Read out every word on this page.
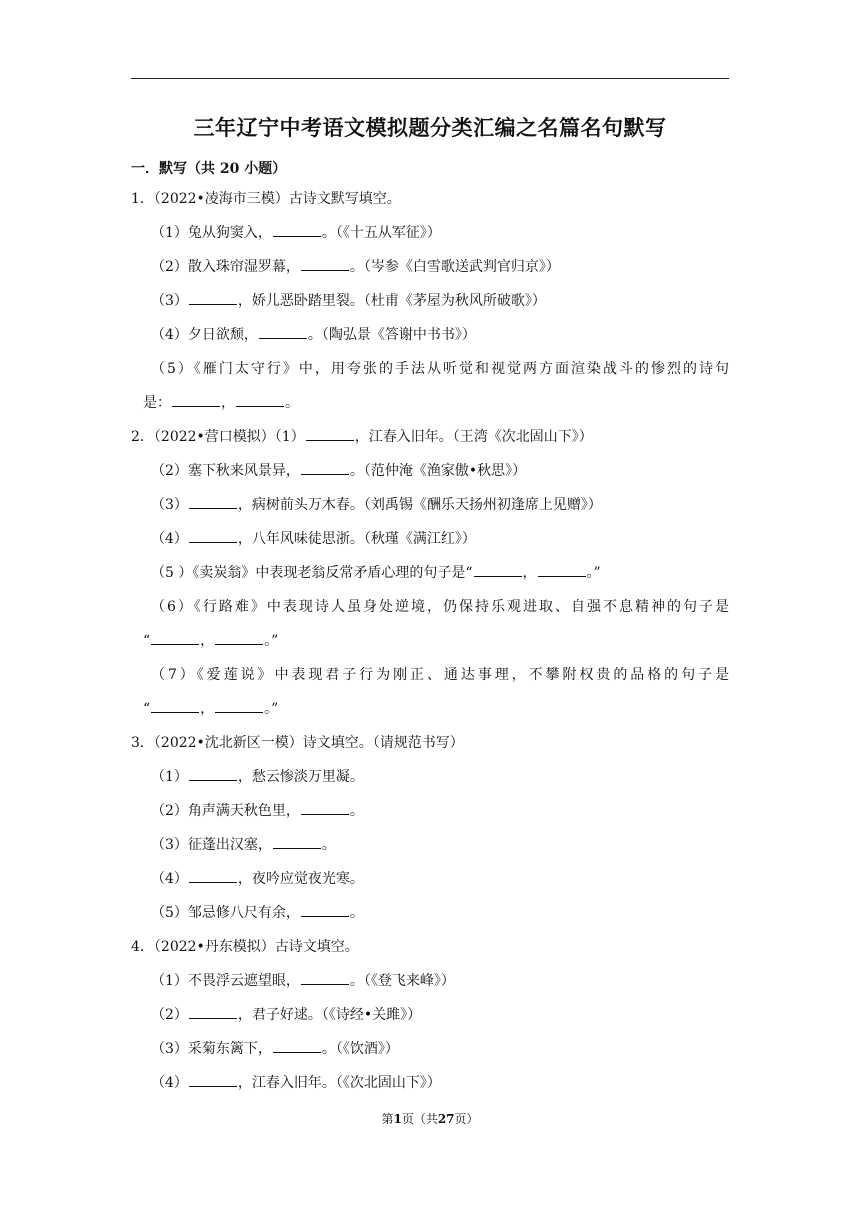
三年辽宁中考语文模拟题分类汇编之名篇名句默写
一．默写（共 20 小题）
1．（2022•凌海市三模）古诗文默写填空。
（1）兔从狗窦入，	。（《十五从军征》）
（2）散入珠帘湿罗幕，	。（岑参《白雪歌送武判官归京》）
（3）	，娇儿恶卧踏里裂。（杜甫《茅屋为秋风所破歌》）
（4）夕日欲颓，	。（陶弘景《答谢中书书》）
（5）《雁门太守行》中，用夸张的手法从听觉和视觉两方面渲染战斗的惨烈的诗句
是：	，	。
2．（2022•营口模拟）（1）	，江春入旧年。（王湾《次北固山下》）
（2）塞下秋来风景异，	。（范仲淹《渔家傲•秋思》）
（3）	，病树前头万木春。（刘禹锡《酬乐天扬州初逢席上见赠》）
（4）	，八年风味徒思浙。（秋瑾《满江红》）
（5 ）《卖炭翁》中表现老翁反常矛盾心理的句子是“	，	。”
（6）《行路难》中表现诗人虽身处逆境，仍保持乐观进取、自强不息精神的句子是
“	，	。”
（7）《爱莲说》中表现君子行为刚正、通达事理，不攀附权贵的品格的句子是
“	，	。”
3．（2022•沈北新区一模）诗文填空。（请规范书写）
（1）	，愁云惨淡万里凝。
（2）角声满天秋色里，	。
（3）征蓬出汉塞，	。
（4）	，夜吟应觉夜光寒。
（5）邹忌修八尺有余，	。
4．（2022•丹东模拟）古诗文填空。
（1）不畏浮云遮望眼，	。（《登飞来峰》）
（2）	，君子好逑。（《诗经•关雎》）
（3）采菊东篱下，	。（《饮酒》）
（4）	，江春入旧年。（《次北固山下》）
第1页（共27页）
